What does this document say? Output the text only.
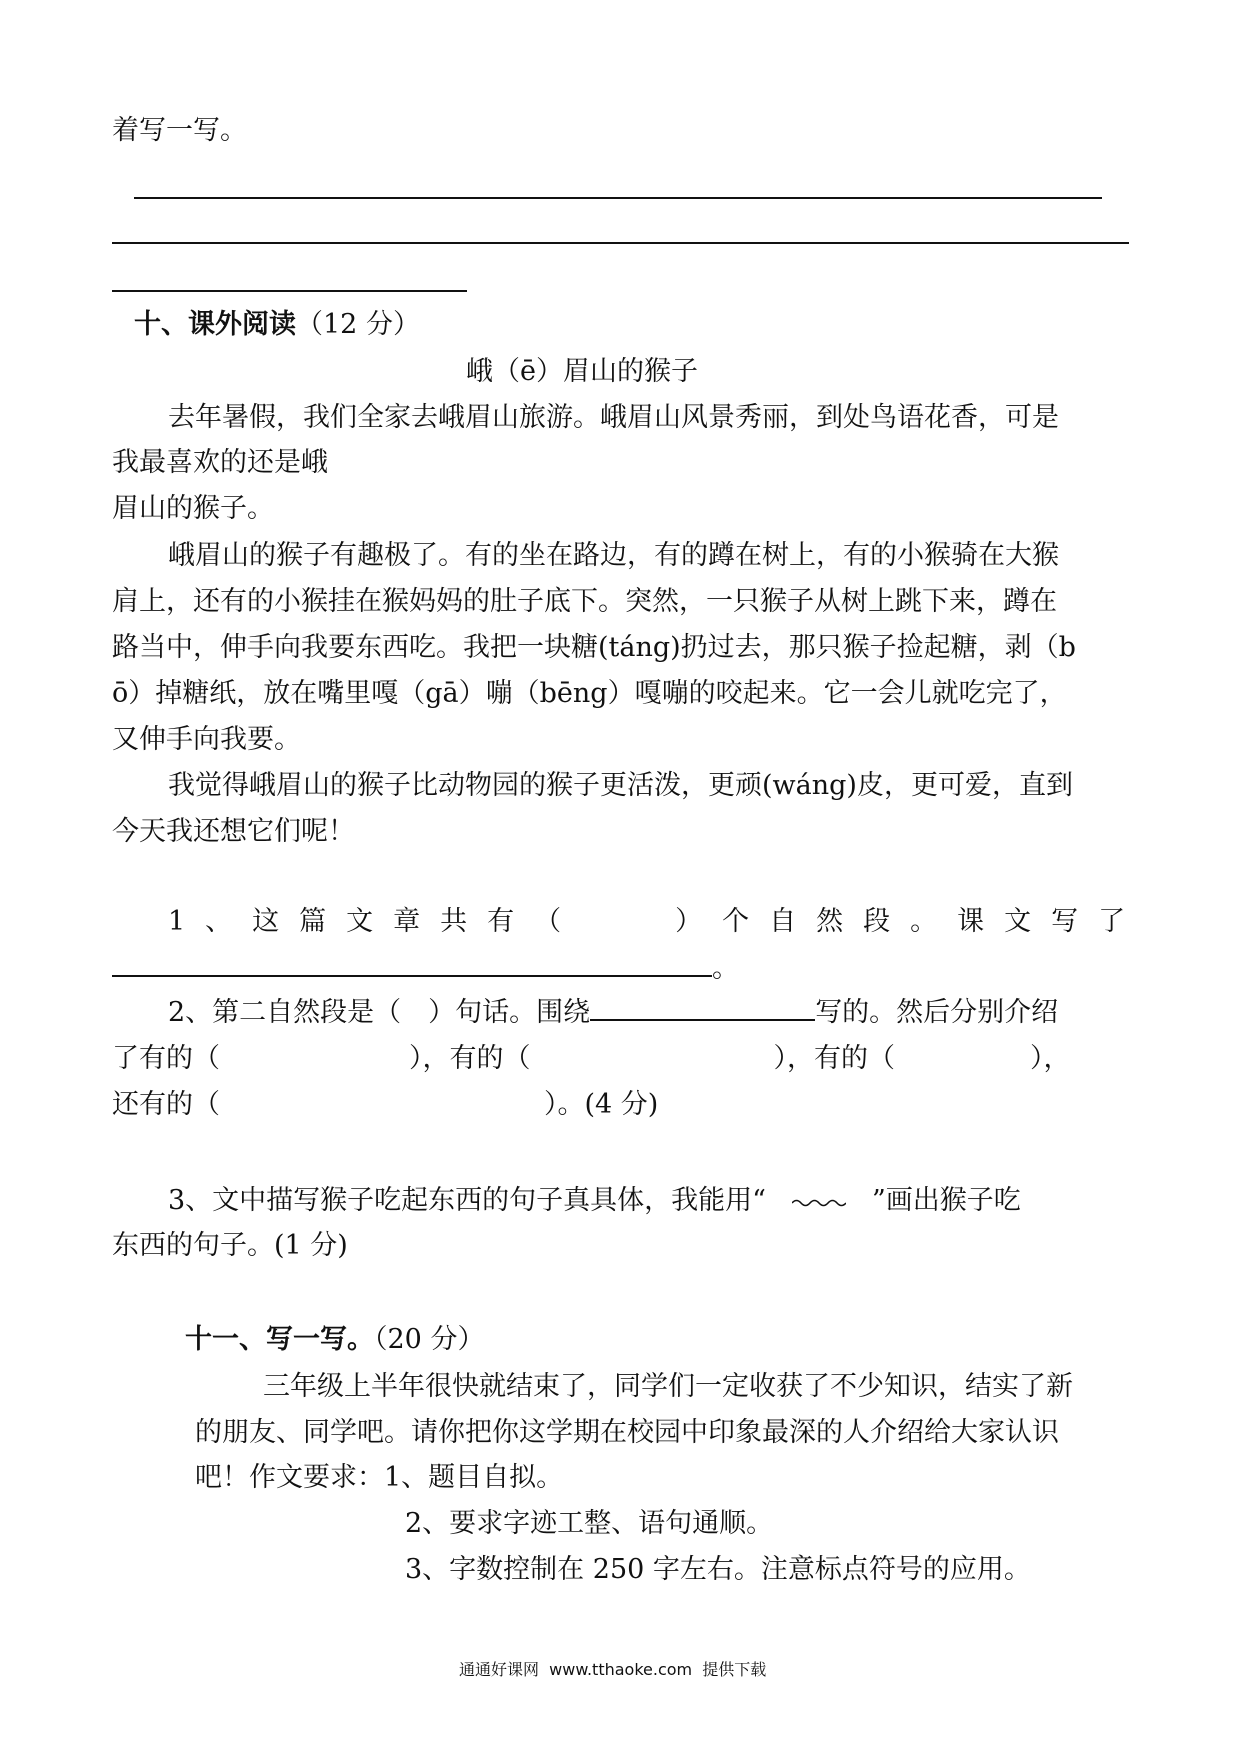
着写一写。
十、课外阅读（12 分）
峨（ē）眉山的猴子
去年暑假，我们全家去峨眉山旅游。峨眉山风景秀丽，到处鸟语花香，可是
我最喜欢的还是峨
眉山的猴子。
峨眉山的猴子有趣极了。有的坐在路边，有的蹲在树上，有的小猴骑在大猴
肩上，还有的小猴挂在猴妈妈的肚子底下。突然，一只猴子从树上跳下来，蹲在
路当中，伸手向我要东西吃。我把一块糖(táng)扔过去，那只猴子捡起糖，剥（b
ō）掉糖纸，放在嘴里嘎（gā）嘣（bēng）嘎嘣的咬起来。它一会儿就吃完了，
又伸手向我要。
我觉得峨眉山的猴子比动物园的猴子更活泼，更顽(wáng)皮，更可爱，直到
今天我还想它们呢！
1、这篇文章共有（　　）个自然段。课文写了
。
2、第二自然段是（　）句话。围绕	写的。然后分别介绍
了有的（　　　　　　　），有的（　　　　　　　　　），有的（　　　　　），
还有的（　　　　　　　　　　　　）。(4 分)
3、文中描写猴子吃起东西的句子真具体，我能用“	”画出猴子吃
东西的句子。(1 分)
十一、写一写。（20 分）
三年级上半年很快就结束了，同学们一定收获了不少知识，结实了新
的朋友、同学吧。请你把你这学期在校园中印象最深的人介绍给大家认识
吧！作文要求：1、题目自拟。
2、要求字迹工整、语句通顺。
3、字数控制在 250 字左右。注意标点符号的应用。
通通好课网  www.tthaoke.com  提供下载
